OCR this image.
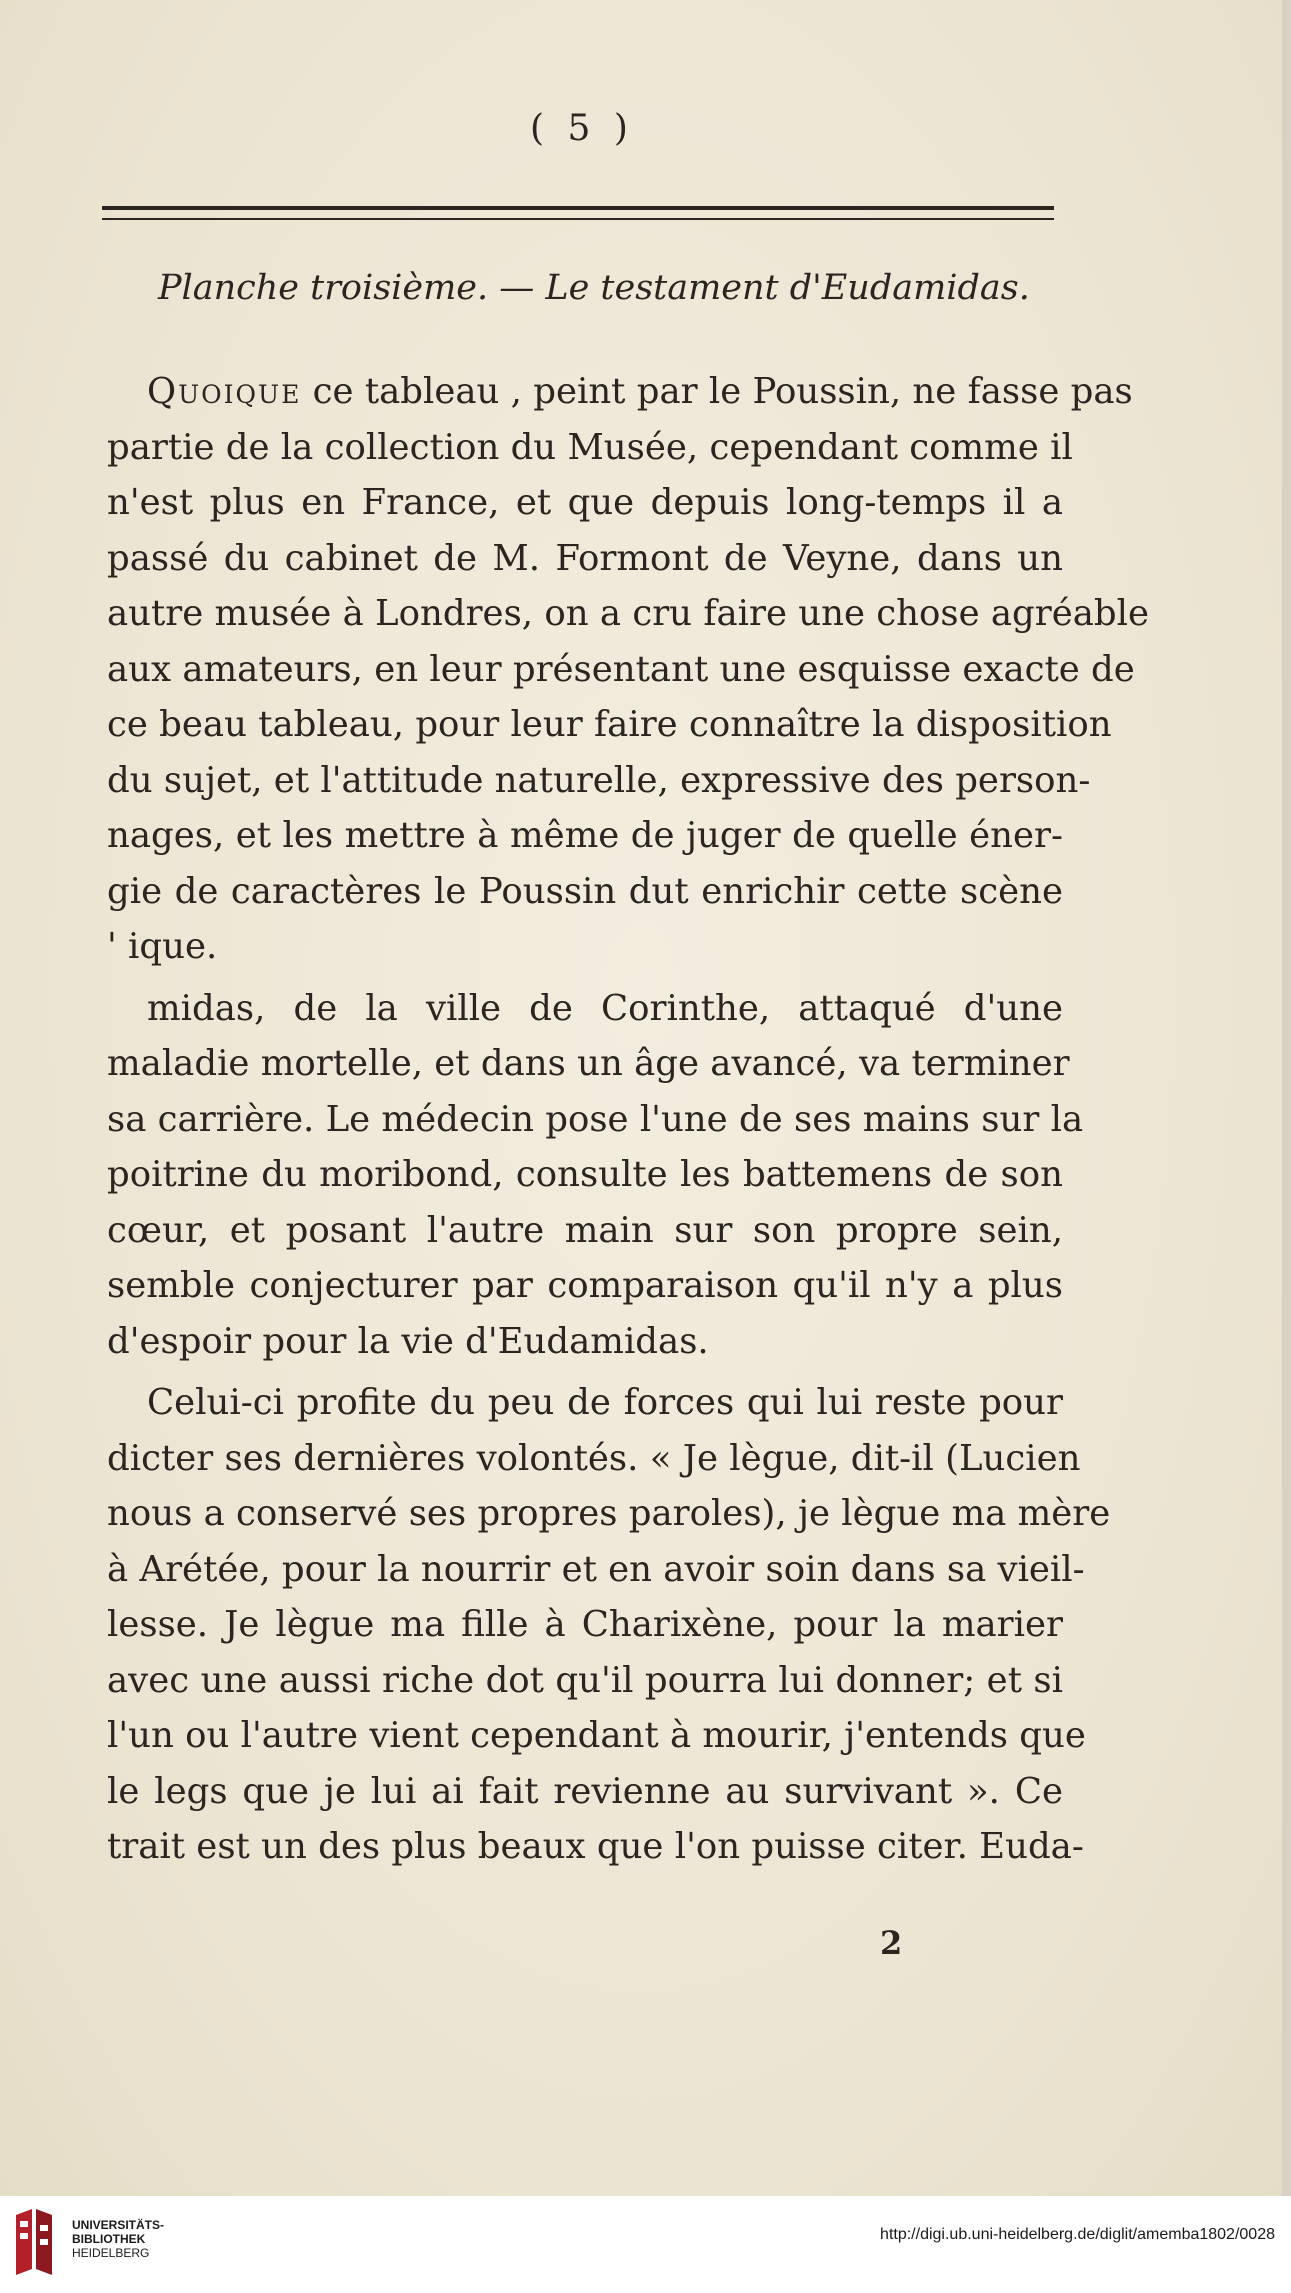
( 5 )
Planche troisième. — Le testament d'Eudamidas.
Quoique ce tableau , peint par le Poussin, ne fasse pas
partie de la collection du Musée, cependant comme il
n'est plus en France, et que depuis long-temps il a
passé du cabinet de M. Formont de Veyne, dans un
autre musée à Londres, on a cru faire une chose agréable
aux amateurs, en leur présentant une esquisse exacte de
ce beau tableau, pour leur faire connaître la disposition
du sujet, et l'attitude naturelle, expressive des person-
nages, et les mettre à même de juger de quelle éner-
gie de caractères le Poussin dut enrichir cette scène
' ique.
midas, de la ville de Corinthe, attaqué d'une
maladie mortelle, et dans un âge avancé, va terminer
sa carrière. Le médecin pose l'une de ses mains sur la
poitrine du moribond, consulte les battemens de son
cœur, et posant l'autre main sur son propre sein,
semble conjecturer par comparaison qu'il n'y a plus
d'espoir pour la vie d'Eudamidas.
Celui-ci profite du peu de forces qui lui reste pour
dicter ses dernières volontés. « Je lègue, dit-il (Lucien
nous a conservé ses propres paroles), je lègue ma mère
à Arétée, pour la nourrir et en avoir soin dans sa vieil-
lesse. Je lègue ma fille à Charixène, pour la marier
avec une aussi riche dot qu'il pourra lui donner; et si
l'un ou l'autre vient cependant à mourir, j'entends que
le legs que je lui ai fait revienne au survivant ». Ce
trait est un des plus beaux que l'on puisse citer. Euda-
2
UNIVERSITÄTS-
BIBLIOTHEK
HEIDELBERG
http://digi.ub.uni-heidelberg.de/diglit/amemba1802/0028
